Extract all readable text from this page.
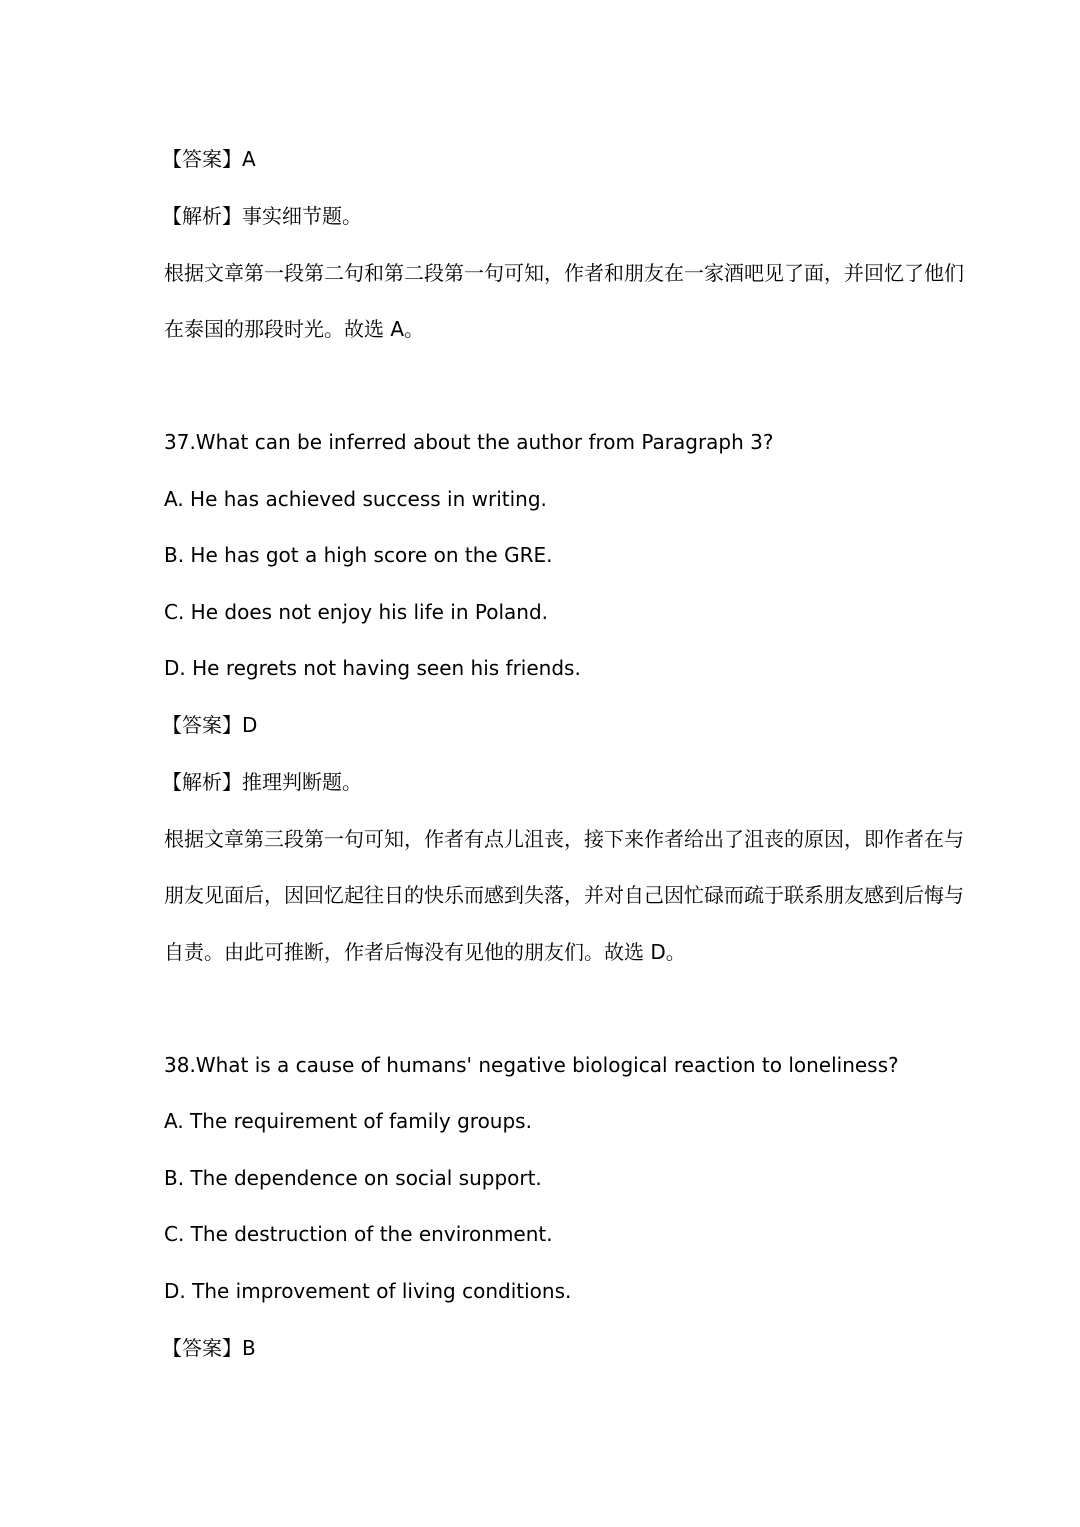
【答案】A
【解析】事实细节题。
根据文章第一段第二句和第二段第一句可知，作者和朋友在一家酒吧见了面，并回忆了他们
在泰国的那段时光。故选 A。
37.What can be inferred about the author from Paragraph 3?
A. He has achieved success in writing.
B. He has got a high score on the GRE.
C. He does not enjoy his life in Poland.
D. He regrets not having seen his friends.
【答案】D
【解析】推理判断题。
根据文章第三段第一句可知，作者有点儿沮丧，接下来作者给出了沮丧的原因，即作者在与
朋友见面后，因回忆起往日的快乐而感到失落，并对自己因忙碌而疏于联系朋友感到后悔与
自责。由此可推断，作者后悔没有见他的朋友们。故选 D。
38.What is a cause of humans' negative biological reaction to loneliness?
A. The requirement of family groups.
B. The dependence on social support.
C. The destruction of the environment.
D. The improvement of living conditions.
【答案】B
